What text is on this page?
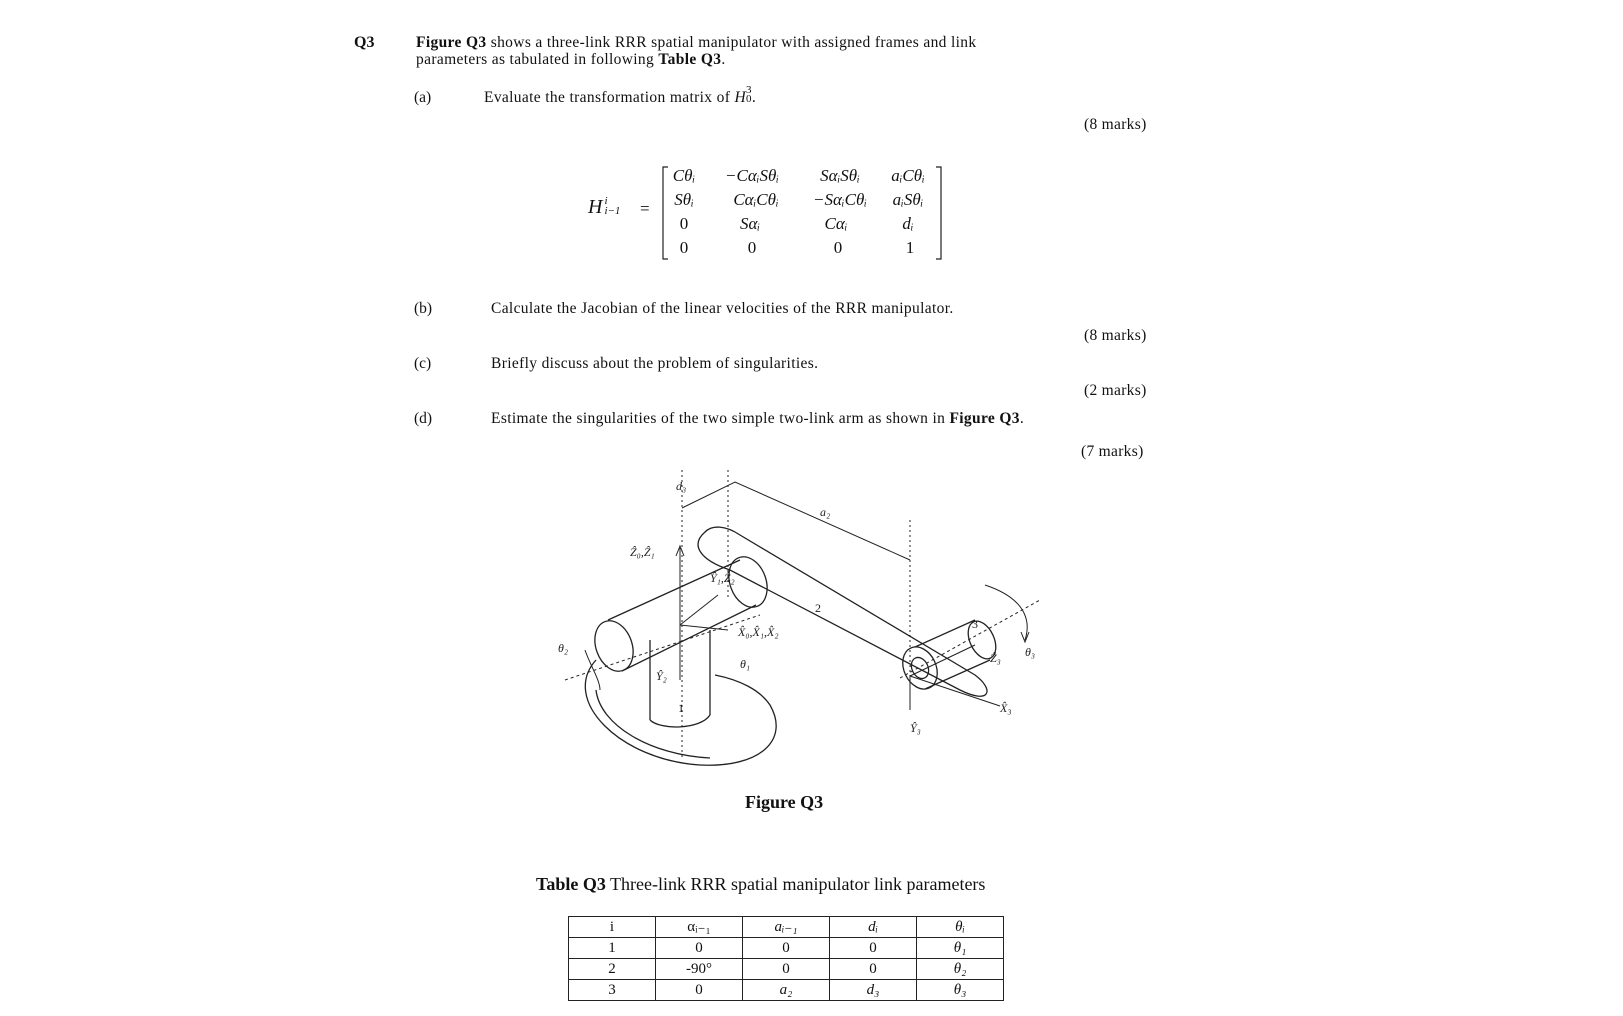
Q3	Figure Q3 shows a three-link RRR spatial manipulator with assigned frames and link
parameters as tabulated in following Table Q3.
(a)	Evaluate the transformation matrix of H 3
0 .
(8 marks)
H i
i−1 =
Cθᵢ −CαᵢSθᵢ SαᵢSθᵢ aᵢCθᵢ
Sθᵢ CαᵢCθᵢ −SαᵢCθᵢ aᵢSθᵢ
0	Sαᵢ	Cαᵢ	dᵢ
0	0	0	1
(b)	Calculate the Jacobian of the linear velocities of the RRR manipulator.
(8 marks)
(c)	Briefly discuss about the problem of singularities.
(2 marks)
(d)	Estimate the singularities of the two simple two-link arm as shown in Figure Q3.
(7 marks)
d₃
a₂
Ẑ₀,Ẑ₁
Ŷ₁,Ẑ₂
X̂₀,X̂₁,X̂₂
θ₁
θ₂	θ₃
Ŷ₂
Ẑ₃
X̂₃
Ŷ₃
1
2
3
Figure Q3
Table Q3 Three-link RRR spatial manipulator link parameters
i	αᵢ₋₁	aᵢ₋₁	dᵢ	θᵢ
1	0	0	0	θ₁
2	-90°	0	0	θ₂
3	0	a₂	d₃	θ₃
